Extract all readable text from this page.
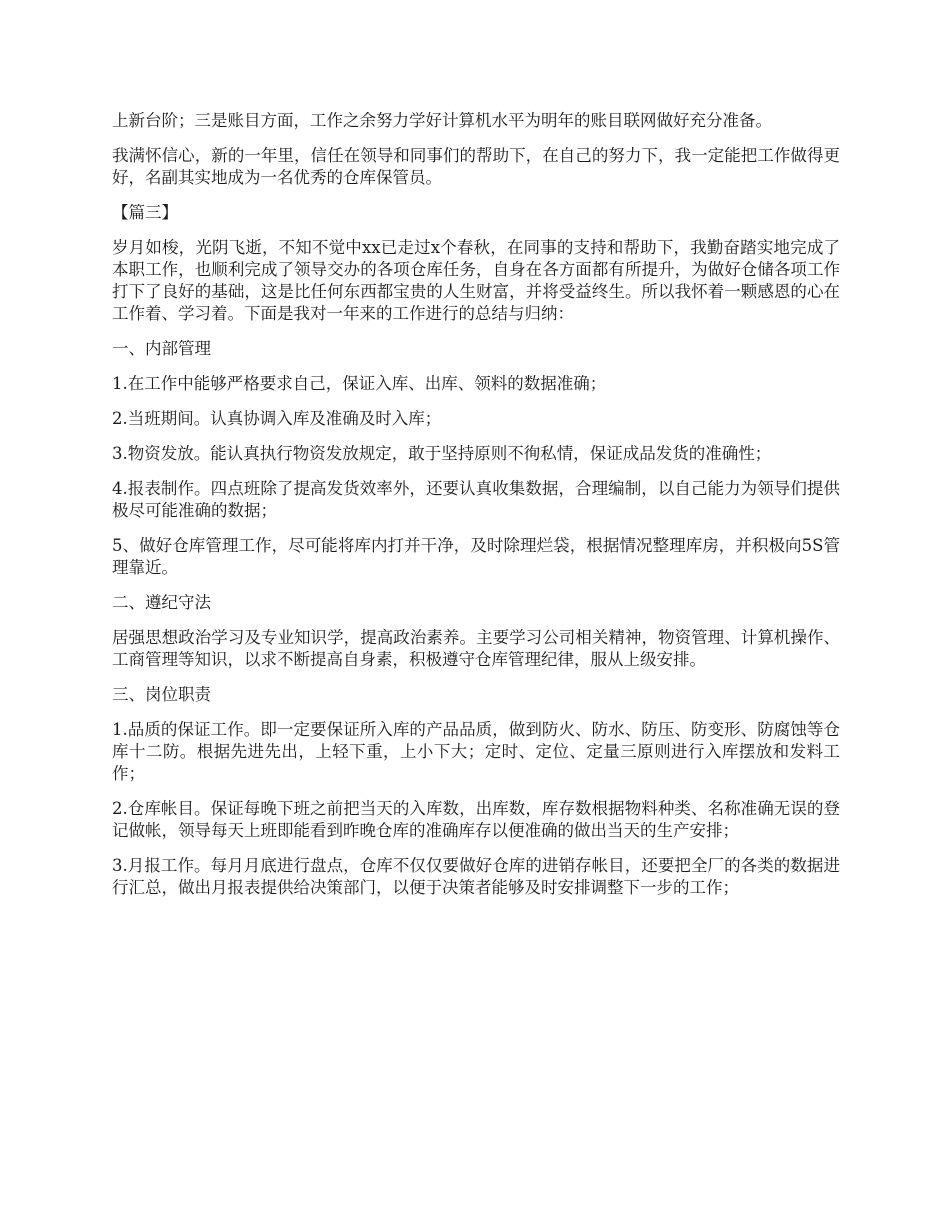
上新台阶；三是账目方面，工作之余努力学好计算机水平为明年的账目联网做好充分准备。

我满怀信心，新的一年里，信任在领导和同事们的帮助下，在自己的努力下，我一定能把工作做得更好，名副其实地成为一名优秀的仓库保管员。

【篇三】

岁月如梭，光阴飞逝，不知不觉中xx已走过x个春秋，在同事的支持和帮助下，我勤奋踏实地完成了本职工作，也顺利完成了领导交办的各项仓库任务，自身在各方面都有所提升，为做好仓储各项工作打下了良好的基础，这是比任何东西都宝贵的人生财富，并将受益终生。所以我怀着一颗感恩的心在工作着、学习着。下面是我对一年来的工作进行的总结与归纳：

一、内部管理

1.在工作中能够严格要求自己，保证入库、出库、领料的数据准确；

2.当班期间。认真协调入库及准确及时入库；

3.物资发放。能认真执行物资发放规定，敢于坚持原则不徇私情，保证成品发货的准确性；

4.报表制作。四点班除了提高发货效率外，还要认真收集数据，合理编制，以自己能力为领导们提供极尽可能准确的数据；

5、做好仓库管理工作，尽可能将库内打并干净，及时除理烂袋，根据情况整理库房，并积极向5S管理靠近。

二、遵纪守法

居强思想政治学习及专业知识学，提高政治素养。主要学习公司相关精神，物资管理、计算机操作、工商管理等知识，以求不断提高自身素，积极遵守仓库管理纪律，服从上级安排。

三、岗位职责

1.品质的保证工作。即一定要保证所入库的产品品质，做到防火、防水、防压、防变形、防腐蚀等仓库十二防。根据先进先出，上轻下重，上小下大；定时、定位、定量三原则进行入库摆放和发料工作；

2.仓库帐目。保证每晚下班之前把当天的入库数，出库数，库存数根据物料种类、名称准确无误的登记做帐，领导每天上班即能看到昨晚仓库的准确库存以便准确的做出当天的生产安排；

3.月报工作。每月月底进行盘点，仓库不仅仅要做好仓库的进销存帐目，还要把全厂的各类的数据进行汇总，做出月报表提供给决策部门，以便于决策者能够及时安排调整下一步的工作；
